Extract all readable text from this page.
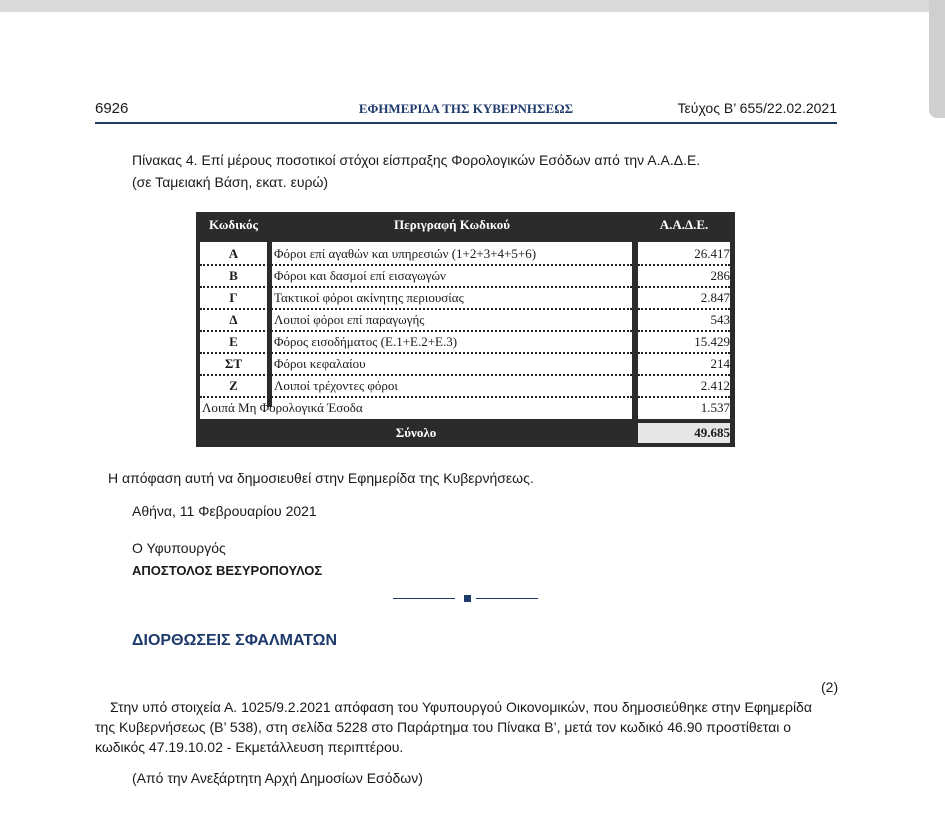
6926	ΕΦΗΜΕΡΙΔΑ ΤΗΣ ΚΥΒΕΡΝΗΣΕΩΣ	Τεύχος Β’ 655/22.02.2021
Πίνακας 4. Επί μέρους ποσοτικοί στόχοι είσπραξης Φορολογικών Εσόδων από την Α.Α.Δ.Ε.
(σε Ταμειακή Βάση, εκατ. ευρώ)
Κωδικός	Περιγραφή Κωδικού	Α.Α.Δ.Ε.
Α	Φόροι επί αγαθών και υπηρεσιών (1+2+3+4+5+6)	26.417
Β	Φόροι και δασμοί επί εισαγωγών	286
Γ	Τακτικοί φόροι ακίνητης περιουσίας	2.847
Δ	Λοιποί φόροι επί παραγωγής	543
Ε	Φόρος εισοδήματος (Ε.1+Ε.2+Ε.3)	15.429
ΣΤ	Φόροι κεφαλαίου	214
Ζ	Λοιποί τρέχοντες φόροι	2.412
Λοιπά Μη Φορολογικά Έσοδα	1.537
Σύνολο	49.685
Η απόφαση αυτή να δημοσιευθεί στην Εφημερίδα της Κυβερνήσεως.
Αθήνα, 11 Φεβρουαρίου 2021
Ο Υφυπουργός
ΑΠΟΣΤΟΛΟΣ ΒΕΣΥΡΟΠΟΥΛΟΣ
ΔΙΟΡΘΩΣΕΙΣ ΣΦΑΛΜΑΤΩΝ
(2)
Στην υπό στοιχεία Α. 1025/9.2.2021 απόφαση του Υφυπουργού Οικονομικών, που δημοσιεύθηκε στην Εφημερίδα
της Κυβερνήσεως (Β’ 538), στη σελίδα 5228 στο Παράρτημα του Πίνακα Β’, μετά τον κωδικό 46.90 προστίθεται ο
κωδικός 47.19.10.02 - Εκμετάλλευση περιπτέρου.
(Από την Ανεξάρτητη Αρχή Δημοσίων Εσόδων)
